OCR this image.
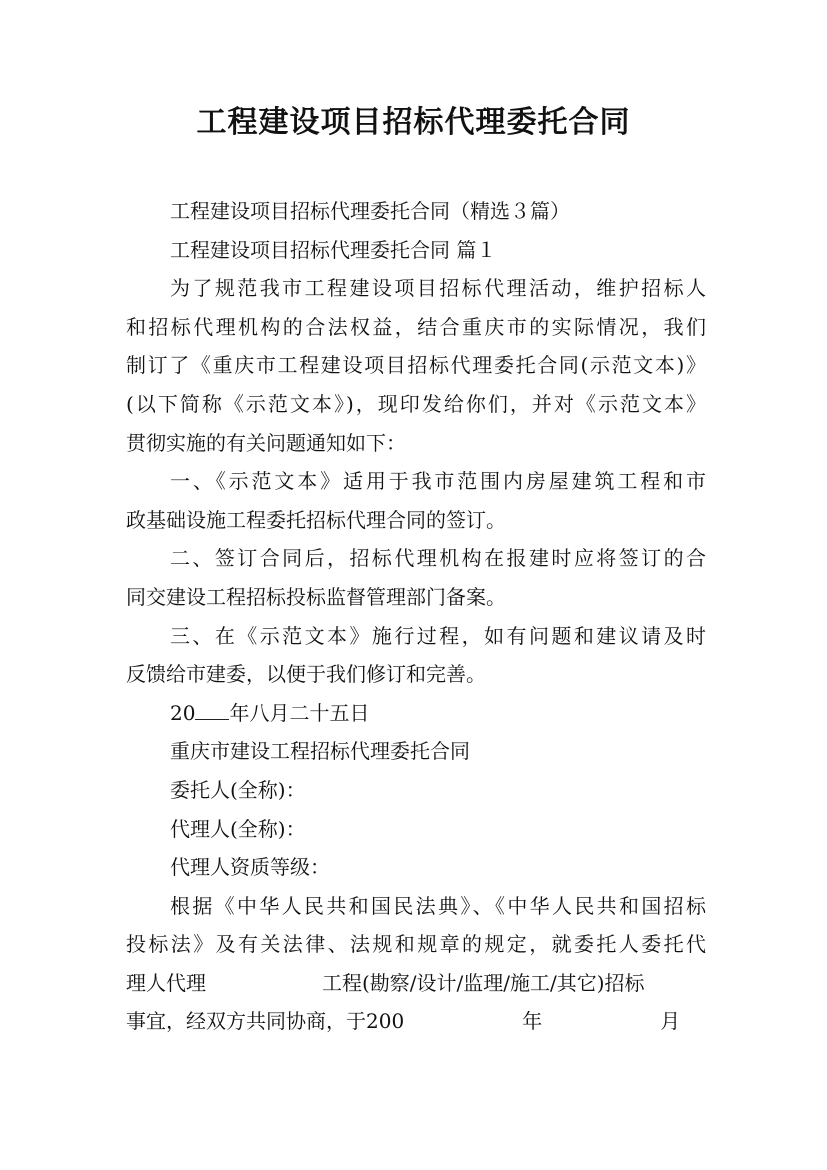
工程建设项目招标代理委托合同

工程建设项目招标代理委托合同（精选３篇）

工程建设项目招标代理委托合同 篇１

为了规范我市工程建设项目招标代理活动，维护招标人

和招标代理机构的合法权益，结合重庆市的实际情况，我们

制订了《重庆市工程建设项目招标代理委托合同(示范文本)》

(以下简称《示范文本》)，现印发给你们，并对《示范文本》

贯彻实施的有关问题通知如下：

一、《示范文本》适用于我市范围内房屋建筑工程和市

政基础设施工程委托招标代理合同的签订。

二、签订合同后，招标代理机构在报建时应将签订的合

同交建设工程招标投标监督管理部门备案。

三、在《示范文本》施行过程，如有问题和建议请及时

反馈给市建委，以便于我们修订和完善。

20 年八月二十五日

重庆市建设工程招标代理委托合同

委托人(全称)：

代理人(全称)：

代理人资质等级：

根据《中华人民共和国民法典》、《中华人民共和国招标

投标法》及有关法律、法规和规章的规定，就委托人委托代

理人代理	工程(勘察/设计/监理/施工/其它)招标

事宜，经双方共同协商，于200	年	月
